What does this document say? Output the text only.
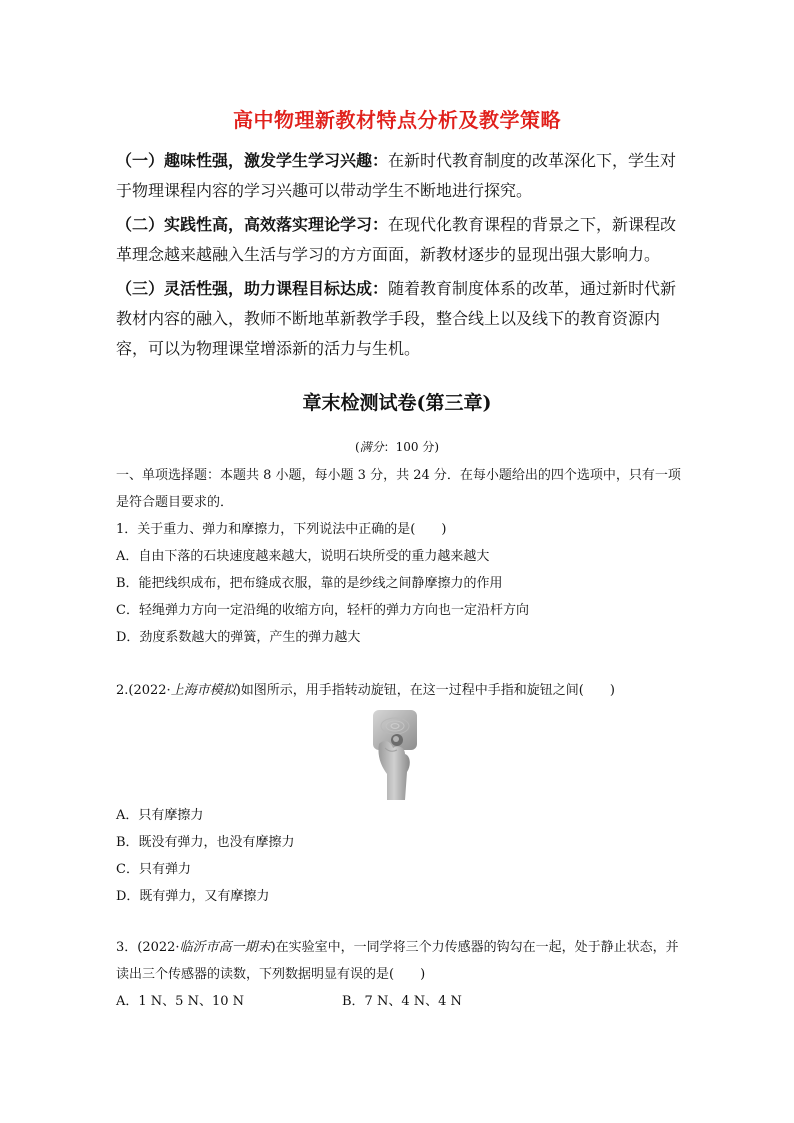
高中物理新教材特点分析及教学策略

（一）趣味性强，激发学生学习兴趣：在新时代教育制度的改革深化下，学生对于物理课程内容的学习兴趣可以带动学生不断地进行探究。

（二）实践性高，高效落实理论学习：在现代化教育课程的背景之下，新课程改革理念越来越融入生活与学习的方方面面，新教材逐步的显现出强大影响力。

（三）灵活性强，助力课程目标达成：随着教育制度体系的改革，通过新时代新教材内容的融入，教师不断地革新教学手段，整合线上以及线下的教育资源内容，可以为物理课堂增添新的活力与生机。

章末检测试卷(第三章)
(满分：100 分)

一、单项选择题：本题共 8 小题，每小题 3 分，共 24 分．在每小题给出的四个选项中，只有一项是符合题目要求的．

1．关于重力、弹力和摩擦力，下列说法中正确的是(　　)

A．自由下落的石块速度越来越大，说明石块所受的重力越来越大

B．能把线织成布，把布缝成衣服，靠的是纱线之间静摩擦力的作用

C．轻绳弹力方向一定沿绳的收缩方向，轻杆的弹力方向也一定沿杆方向

D．劲度系数越大的弹簧，产生的弹力越大

2.(2022·上海市模拟)如图所示，用手指转动旋钮，在这一过程中手指和旋钮之间(　　)

A．只有摩擦力

B．既没有弹力，也没有摩擦力

C．只有弹力

D．既有弹力，又有摩擦力

3．(2022·临沂市高一期末)在实验室中，一同学将三个力传感器的钩勾在一起，处于静止状态，并读出三个传感器的读数，下列数据明显有误的是(　　)

A．1 N、5 N、10 N	B．7 N、4 N、4 N
